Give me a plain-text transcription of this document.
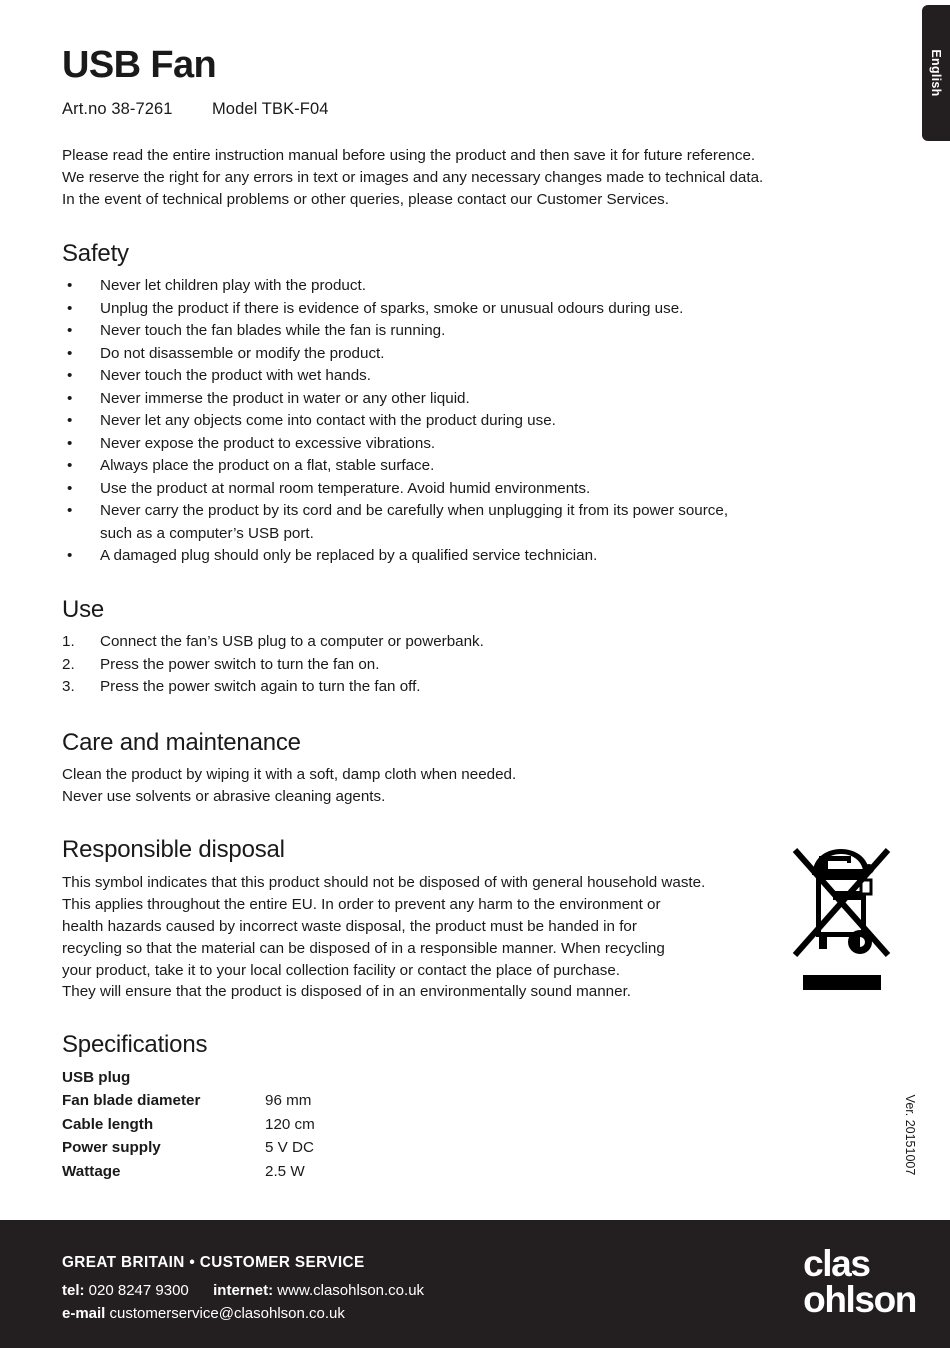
English
Ver. 20151007
USB Fan

Art.no 38-7261 Model TBK-F04

Please read the entire instruction manual before using the product and then save it for future reference.
We reserve the right for any errors in text or images and any necessary changes made to technical data.
In the event of technical problems or other queries, please contact our Customer Services.
Safety
• Never let children play with the product.
• Unplug the product if there is evidence of sparks, smoke or unusual odours during use.
• Never touch the fan blades while the fan is running.
• Do not disassemble or modify the product.
• Never touch the product with wet hands.
• Never immerse the product in water or any other liquid.
• Never let any objects come into contact with the product during use.
• Never expose the product to excessive vibrations.
• Always place the product on a flat, stable surface.
• Use the product at normal room temperature. Avoid humid environments.
• Never carry the product by its cord and be carefully when unplugging it from its power source,
such as a computer’s USB port.
• A damaged plug should only be replaced by a qualified service technician.
Use
1. Connect the fan’s USB plug to a computer or powerbank.
2. Press the power switch to turn the fan on.
3. Press the power switch again to turn the fan off.
Care and maintenance
Clean the product by wiping it with a soft, damp cloth when needed.
Never use solvents or abrasive cleaning agents.
Responsible disposal
This symbol indicates that this product should not be disposed of with general household waste.
This applies throughout the entire EU. In order to prevent any harm to the environment or
health hazards caused by incorrect waste disposal, the product must be handed in for
recycling so that the material can be disposed of in a responsible manner. When recycling
your product, take it to your local collection facility or contact the place of purchase.
They will ensure that the product is disposed of in an environmentally sound manner.
Specifications
USB plug	
Fan blade diameter	96 mm
Cable length	120 cm
Power supply	5 V DC
Wattage	2.5 W
GREAT BRITAIN • CUSTOMER SERVICE
tel: 020 8247 9300 internet: www.clasohlson.co.uk
e-mail customerservice@clasohlson.co.uk
clas
ohlson
